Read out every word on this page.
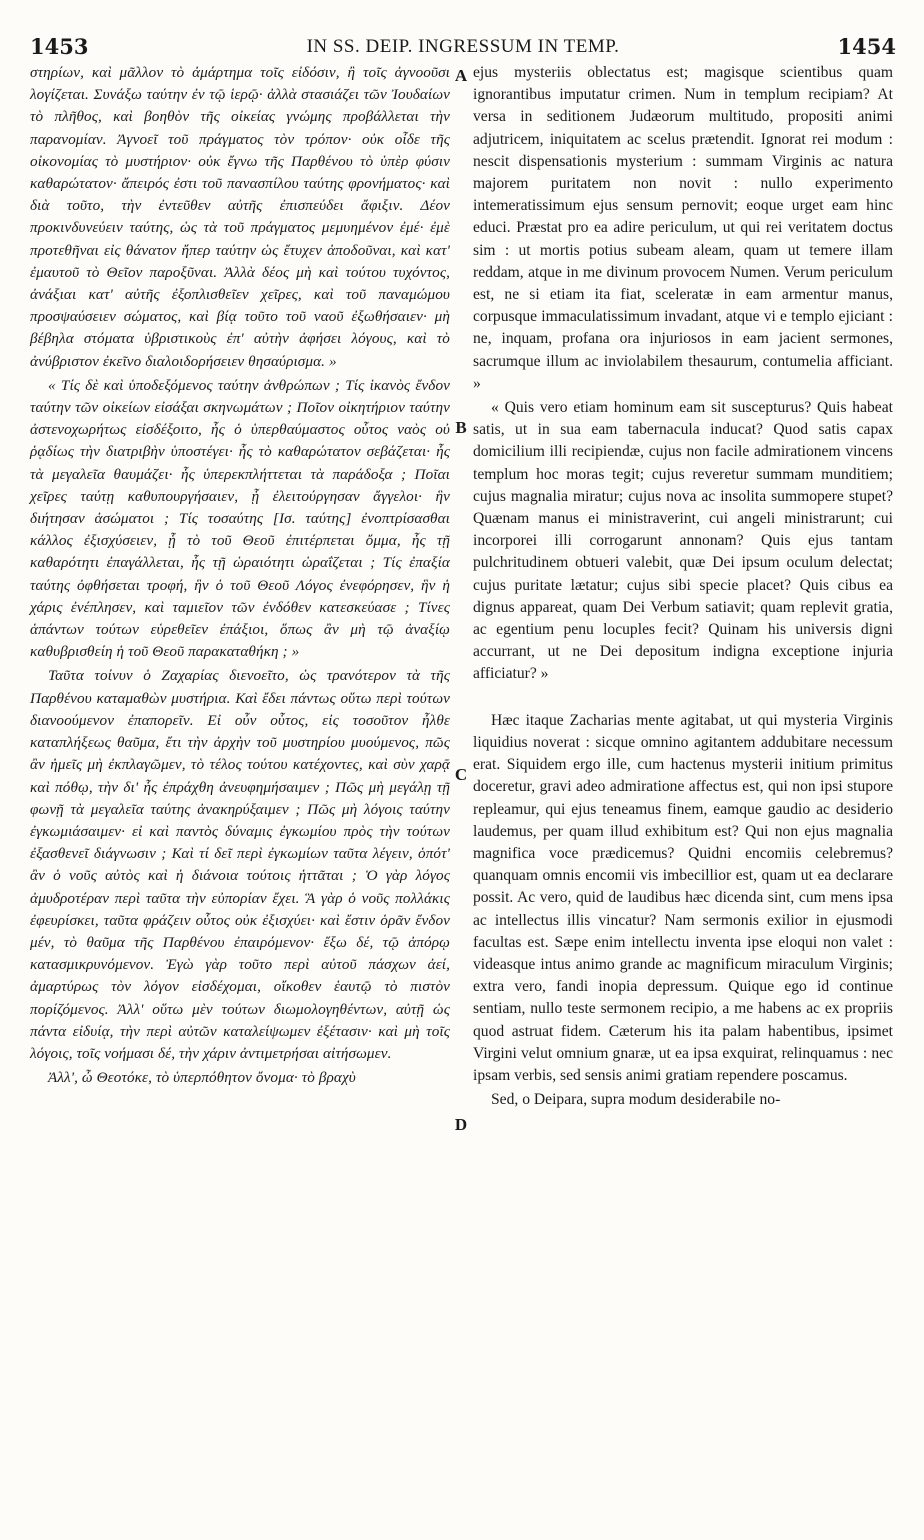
1453	IN SS. DEIP. INGRESSUM IN TEMP.	1454

στηρίων, καὶ μᾶλλον τὸ ἀμάρτημα τοῖς εἰδόσιν, ἢ τοῖς ἀγνοοῦσι λογίζεται. Συνάξω ταύτην ἐν τῷ ἱερῷ· ἀλλὰ στασιάζει τῶν Ἰουδαίων τὸ πλῆθος, καὶ βοηθὸν τῆς οἰκείας γνώμης προβάλλεται τὴν παρανομίαν. Ἀγνοεῖ τοῦ πράγματος τὸν τρόπον· οὐκ οἶδε τῆς οἰκονομίας τὸ μυστήριον· οὐκ ἔγνω τῆς Παρθένου τὸ ὑπὲρ φύσιν καθαρώτατον· ἄπειρός ἐστι τοῦ πανασπίλου ταύτης φρονήματος· καὶ διὰ τοῦτο, τὴν ἐντεῦθεν αὐτῆς ἐπισπεύδει ἄφιξιν. Δέον προκινδυνεύειν ταύτης, ὡς τὰ τοῦ πράγματος μεμυημένον ἐμέ· ἐμὲ προτεθῆναι εἰς θάνατον ἤπερ ταύτην ὡς ἔτυχεν ἀποδοῦναι, καὶ κατ' ἐμαυτοῦ τὸ Θεῖον παροξῦναι. Ἀλλὰ δέος μὴ καὶ τούτου τυχόντος, ἀνάξιαι κατ' αὐτῆς ἐξοπλισθεῖεν χεῖρες, καὶ τοῦ παναμώμου προσψαύσειεν σώματος, καὶ βίᾳ τοῦτο τοῦ ναοῦ ἐξωθήσαιεν· μὴ βέβηλα στόματα ὑβριστικοὺς ἐπ' αὐτὴν ἀφήσει λόγους, καὶ τὸ ἀνύβριστον ἐκεῖνο διαλοιδορήσειεν θησαύρισμα. »

« Τίς δὲ καὶ ὑποδεξόμενος ταύτην ἀνθρώπων ; Τίς ἱκανὸς ἔνδον ταύτην τῶν οἰκείων εἰσάξαι σκηνωμάτων ; Ποῖον οἰκητήριον ταύτην ἀστενοχωρήτως εἰσδέξοιτο, ἧς ὁ ὑπερθαύμαστος οὗτος ναὸς οὐ ῥᾳδίως τὴν διατριβὴν ὑποστέγει· ἧς τὸ καθαρώτατον σεβάζεται· ἧς τὰ μεγαλεῖα θαυμάζει· ἧς ὑπερεκπλήττεται τὰ παράδοξα ; Ποῖαι χεῖρες ταύτῃ καθυπουργήσαιεν, ᾗ ἐλειτούργησαν ἄγγελοι· ἣν διήτησαν ἀσώματοι ; Τίς τοσαύτης [Ισ. ταύτης] ἐνοπτρίσασθαι κάλλος ἐξισχύσειεν, ᾗ τὸ τοῦ Θεοῦ ἐπιτέρπεται ὄμμα, ἧς τῇ καθαρότητι ἐπαγάλλεται, ἧς τῇ ὡραιότητι ὡραΐζεται ; Τίς ἐπαξία ταύτης ὀφθήσεται τροφή, ἣν ὁ τοῦ Θεοῦ Λόγος ἐνεφόρησεν, ἣν ἡ χάρις ἐνέπλησεν, καὶ ταμιεῖον τῶν ἐνδόθεν κατεσκεύασε ; Τίνες ἁπάντων τούτων εὑρεθεῖεν ἐπάξιοι, ὅπως ἂν μὴ τῷ ἀναξίῳ καθυβρισθείη ἡ τοῦ Θεοῦ παρακαταθήκη ; »

Ταῦτα τοίνυν ὁ Ζαχαρίας διενοεῖτο, ὡς τρανότερον τὰ τῆς Παρθένου καταμαθὼν μυστήρια. Καὶ ἔδει πάντως οὕτω περὶ τούτων διανοούμενον ἐπαπορεῖν. Εἰ οὖν οὗτος, εἰς τοσοῦτον ἦλθε καταπλήξεως θαῦμα, ἔτι τὴν ἀρχὴν τοῦ μυστηρίου μυούμενος, πῶς ἂν ἡμεῖς μὴ ἐκπλαγῶμεν, τὸ τέλος τούτου κατέχοντες, καὶ σὺν χαρᾷ καὶ πόθῳ, τὴν δι' ἧς ἐπράχθη ἀνευφημήσαιμεν ; Πῶς μὴ μεγάλῃ τῇ φωνῇ τὰ μεγαλεῖα ταύτης ἀνακηρύξαιμεν ; Πῶς μὴ λόγοις ταύτην ἐγκωμιάσαιμεν· εἰ καὶ παντὸς δύναμις ἐγκωμίου πρὸς τὴν τούτων ἐξασθενεῖ διάγνωσιν ; Καὶ τί δεῖ περὶ ἐγκωμίων ταῦτα λέγειν, ὁπότ' ἂν ὁ νοῦς αὐτὸς καὶ ἡ διάνοια τούτοις ἡττᾶται ; Ὁ γὰρ λόγος ἀμυδροτέραν περὶ ταῦτα τὴν εὐπορίαν ἔχει. Ἃ γὰρ ὁ νοῦς πολλάκις ἐφευρίσκει, ταῦτα φράζειν οὗτος οὐκ ἐξισχύει· καὶ ἔστιν ὁρᾶν ἔνδον μέν, τὸ θαῦμα τῆς Παρθένου ἐπαιρόμενον· ἔξω δέ, τῷ ἀπόρῳ κατασμικρυνόμενον. Ἐγὼ γὰρ τοῦτο περὶ αὐτοῦ πάσχων ἀεί, ἀμαρτύρως τὸν λόγον εἰσδέχομαι, οἴκοθεν ἑαυτῷ τὸ πιστὸν πορίζόμενος. Ἀλλ' οὕτω μὲν τούτων διωμολογηθέντων, αὐτῇ ὡς πάντα εἰδυίᾳ, τὴν περὶ αὐτῶν καταλείψωμεν ἐξέτασιν· καὶ μὴ τοῖς λόγοις, τοῖς νοήμασι δέ, τὴν χάριν ἀντιμετρήσαι αἰτήσωμεν.

Ἀλλ', ὦ Θεοτόκε, τὸ ὑπερπόθητον ὄνομα· τὸ βραχὺ

A
B
C
D

ejus mysteriis oblectatus est; magisque scientibus quam ignorantibus imputatur crimen. Num in templum recipiam? At versa in seditionem Judæorum multitudo, propositi animi adjutricem, iniquitatem ac scelus prætendit. Ignorat rei modum : nescit dispensationis mysterium : summam Virginis ac natura majorem puritatem non novit : nullo experimento intemeratissimum ejus sensum pernovit; eoque urget eam hinc educi. Præstat pro ea adire periculum, ut qui rei veritatem doctus sim : ut mortis potius subeam aleam, quam ut temere illam reddam, atque in me divinum provocem Numen. Verum periculum est, ne si etiam ita fiat, sceleratæ in eam armentur manus, corpusque immaculatissimum invadant, atque vi e templo ejiciant : ne, inquam, profana ora injuriosos in eam jacient sermones, sacrumque illum ac inviolabilem thesaurum, contumelia afficiant. »

« Quis vero etiam hominum eam sit suscepturus? Quis habeat satis, ut in sua eam tabernacula inducat? Quod satis capax domicilium illi recipiendæ, cujus non facile admirationem vincens templum hoc moras tegit; cujus reveretur summam munditiem; cujus magnalia miratur; cujus nova ac insolita summopere stupet? Quænam manus ei ministraverint, cui angeli ministrarunt; cui incorporei illi corrogarunt annonam? Quis ejus tantam pulchritudinem obtueri valebit, quæ Dei ipsum oculum delectat; cujus puritate lætatur; cujus sibi specie placet? Quis cibus ea dignus appareat, quam Dei Verbum satiavit; quam replevit gratia, ac egentium penu locuples fecit? Quinam his universis digni accurrant, ut ne Dei depositum indigna exceptione injuria afficiatur? »

Hæc itaque Zacharias mente agitabat, ut qui mysteria Virginis liquidius noverat : sicque omnino agitantem addubitare necessum erat. Siquidem ergo ille, cum hactenus mysterii initium primitus doceretur, gravi adeo admiratione affectus est, qui non ipsi stupore repleamur, qui ejus teneamus finem, eamque gaudio ac desiderio laudemus, per quam illud exhibitum est? Qui non ejus magnalia magnifica voce prædicemus? Quidni encomiis celebremus? quanquam omnis encomii vis imbecillior est, quam ut ea declarare possit. Ac vero, quid de laudibus hæc dicenda sint, cum mens ipsa ac intellectus illis vincatur? Nam sermonis exilior in ejusmodi facultas est. Sæpe enim intellectu inventa ipse eloqui non valet : videasque intus animo grande ac magnificum miraculum Virginis; extra vero, fandi inopia depressum. Quique ego id continue sentiam, nullo teste sermonem recipio, a me habens ac ex propriis quod astruat fidem. Cæterum his ita palam habentibus, ipsimet Virgini velut omnium gnaræ, ut ea ipsa exquirat, relinquamus : nec ipsam verbis, sed sensis animi gratiam rependere poscamus.

Sed, o Deipara, supra modum desiderabile no-
